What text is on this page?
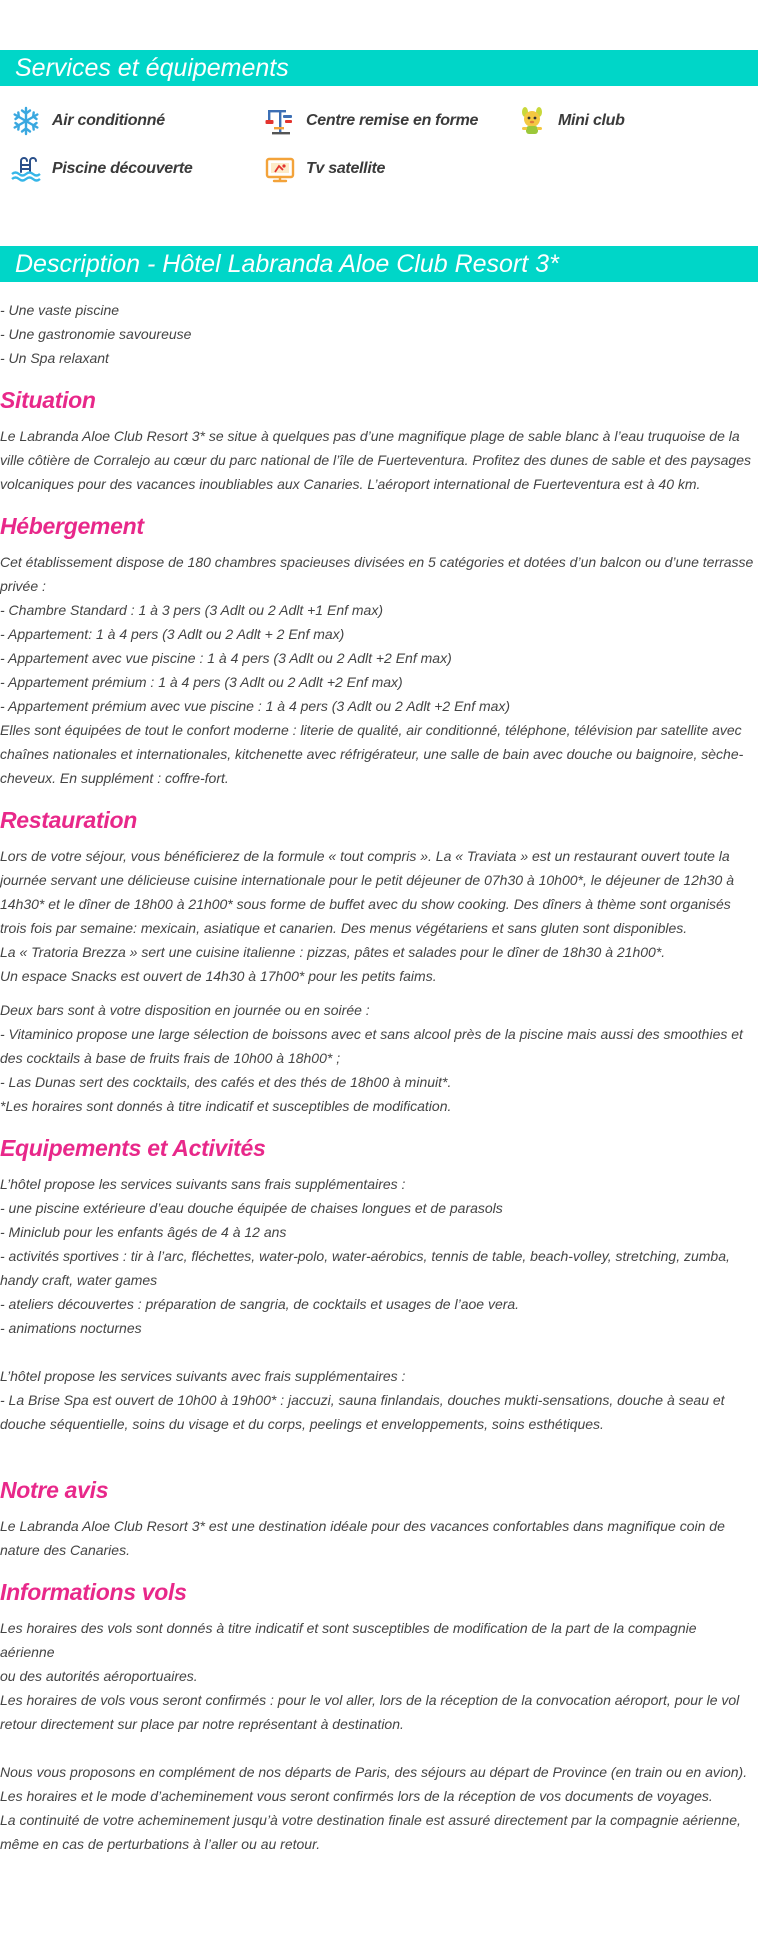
Services et équipements
Air conditionné	Centre remise en forme	Mini club
Piscine découverte	Tv satellite
Description - Hôtel Labranda Aloe Club Resort 3*

- Une vaste piscine

- Une gastronomie savoureuse

- Un Spa relaxant

Situation

Le Labranda Aloe Club Resort 3* se situe à quelques pas d’une magnifique plage de sable blanc à l’eau truquoise de la

ville côtière de Corralejo au cœur du parc national de l’île de Fuerteventura. Profitez des dunes de sable et des paysages

volcaniques pour des vacances inoubliables aux Canaries. L’aéroport international de Fuerteventura est à 40 km.

Hébergement

Cet établissement dispose de 180 chambres spacieuses divisées en 5 catégories et dotées d’un balcon ou d’une terrasse

privée :

- Chambre Standard : 1 à 3 pers (3 Adlt ou 2 Adlt +1 Enf max)

- Appartement: 1 à 4 pers (3 Adlt ou 2 Adlt + 2 Enf max)

- Appartement avec vue piscine : 1 à 4 pers (3 Adlt ou 2 Adlt +2 Enf max)

- Appartement prémium : 1 à 4 pers (3 Adlt ou 2 Adlt +2 Enf max)

- Appartement prémium avec vue piscine : 1 à 4 pers (3 Adlt ou 2 Adlt +2 Enf max)

Elles sont équipées de tout le confort moderne : literie de qualité, air conditionné, téléphone, télévision par satellite avec

chaînes nationales et internationales, kitchenette avec réfrigérateur, une salle de bain avec douche ou baignoire, sèche-

cheveux. En supplément : coffre-fort.

Restauration

Lors de votre séjour, vous bénéficierez de la formule « tout compris ». La « Traviata » est un restaurant ouvert toute la

journée servant une délicieuse cuisine internationale pour le petit déjeuner de 07h30 à 10h00*, le déjeuner de 12h30 à

14h30* et le dîner de 18h00 à 21h00* sous forme de buffet avec du show cooking. Des dîners à thème sont organisés

trois fois par semaine: mexicain, asiatique et canarien. Des menus végétariens et sans gluten sont disponibles.

La « Tratoria Brezza » sert une cuisine italienne : pizzas, pâtes et salades pour le dîner de 18h30 à 21h00*.

Un espace Snacks est ouvert de 14h30 à 17h00* pour les petits faims.

Deux bars sont à votre disposition en journée ou en soirée :

- Vitaminico propose une large sélection de boissons avec et sans alcool près de la piscine mais aussi des smoothies et

des cocktails à base de fruits frais de 10h00 à 18h00* ;

- Las Dunas sert des cocktails, des cafés et des thés de 18h00 à minuit*.

*Les horaires sont donnés à titre indicatif et susceptibles de modification.

Equipements et Activités

L’hôtel propose les services suivants sans frais supplémentaires :

- une piscine extérieure d’eau douche équipée de chaises longues et de parasols

- Miniclub pour les enfants âgés de 4 à 12 ans

- activités sportives : tir à l’arc, fléchettes, water-polo, water-aérobics, tennis de table, beach-volley, stretching, zumba,

handy craft, water games

- ateliers découvertes : préparation de sangria, de cocktails et usages de l’aoe vera.

- animations nocturnes

L’hôtel propose les services suivants avec frais supplémentaires :

- La Brise Spa est ouvert de 10h00 à 19h00* : jaccuzi, sauna finlandais, douches mukti-sensations, douche à seau et

douche séquentielle, soins du visage et du corps, peelings et enveloppements, soins esthétiques.

Notre avis

Le Labranda Aloe Club Resort 3* est une destination idéale pour des vacances confortables dans magnifique coin de

nature des Canaries.

Informations vols

Les horaires des vols sont donnés à titre indicatif et sont susceptibles de modification de la part de la compagnie aérienne

ou des autorités aéroportuaires.

Les horaires de vols vous seront confirmés : pour le vol aller, lors de la réception de la convocation aéroport, pour le vol

retour directement sur place par notre représentant à destination.

Nous vous proposons en complément de nos départs de Paris, des séjours au départ de Province (en train ou en avion).

Les horaires et le mode d’acheminement vous seront confirmés lors de la réception de vos documents de voyages.

La continuité de votre acheminement jusqu’à votre destination finale est assuré directement par la compagnie aérienne,

même en cas de perturbations à l’aller ou au retour.
